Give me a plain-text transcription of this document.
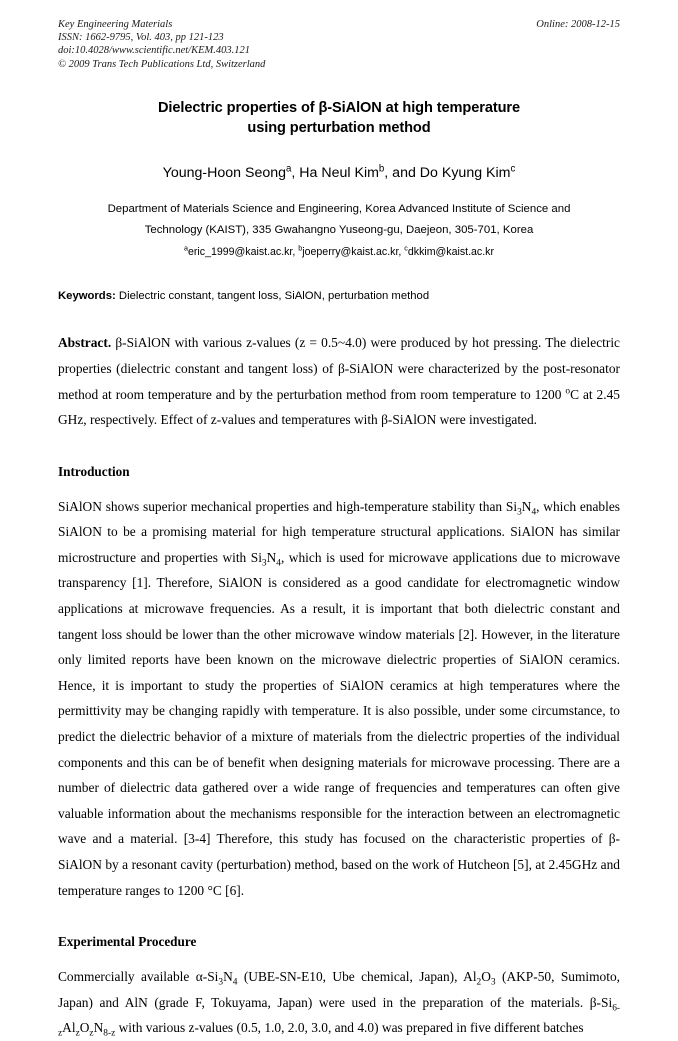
Key Engineering Materials
ISSN: 1662-9795, Vol. 403, pp 121-123
doi:10.4028/www.scientific.net/KEM.403.121
© 2009 Trans Tech Publications Ltd, Switzerland
Online: 2008-12-15
Dielectric properties of β-SiAlON at high temperature
using perturbation method
Young-Hoon Seong$^a$, Ha Neul Kim$^b$, and Do Kyung Kim$^c$
Department of Materials Science and Engineering, Korea Advanced Institute of Science and
Technology (KAIST), 335 Gwahangno Yuseong-gu, Daejeon, 305-701, Korea
$^a$eric_1999@kaist.ac.kr, $^b$joeperry@kaist.ac.kr, $^c$dkkim@kaist.ac.kr
Keywords: Dielectric constant, tangent loss, SiAlON, perturbation method
Abstract. β-SiAlON with various z-values (z = 0.5~4.0) were produced by hot pressing. The dielectric properties (dielectric constant and tangent loss) of β-SiAlON were characterized by the post-resonator method at room temperature and by the perturbation method from room temperature to 1200 $^o$C at 2.45 GHz, respectively. Effect of z-values and temperatures with β-SiAlON were investigated.
Introduction
SiAlON shows superior mechanical properties and high-temperature stability than $Si_3N_4$, which enables SiAlON to be a promising material for high temperature structural applications. SiAlON has similar microstructure and properties with $Si_3N_4$, which is used for microwave applications due to microwave transparency [1]. Therefore, SiAlON is considered as a good candidate for electromagnetic window applications at microwave frequencies. As a result, it is important that both dielectric constant and tangent loss should be lower than the other microwave window materials [2]. However, in the literature only limited reports have been known on the microwave dielectric properties of SiAlON ceramics. Hence, it is important to study the properties of SiAlON ceramics at high temperatures where the permittivity may be changing rapidly with temperature. It is also possible, under some circumstance, to predict the dielectric behavior of a mixture of materials from the dielectric properties of the individual components and this can be of benefit when designing materials for microwave processing. There are a number of dielectric data gathered over a wide range of frequencies and temperatures can often give valuable information about the mechanisms responsible for the interaction between an electromagnetic wave and a material. [3-4] Therefore, this study has focused on the characteristic properties of β-SiAlON by a resonant cavity (perturbation) method, based on the work of Hutcheon [5], at 2.45GHz and temperature ranges to 1200 °C [6].
Experimental Procedure
Commercially available $\alpha-Si_3N_4$ (UBE-SN-E10, Ube chemical, Japan), $Al_2O_3$ (AKP-50, Sumimoto, Japan) and AlN (grade F, Tokuyama, Japan) were used in the preparation of the materials. $\beta-Si_{6-z}Al_zO_zN_{8-z}$ with various z-values (0.5, 1.0, 2.0, 3.0, and 4.0) was prepared in five different batches
